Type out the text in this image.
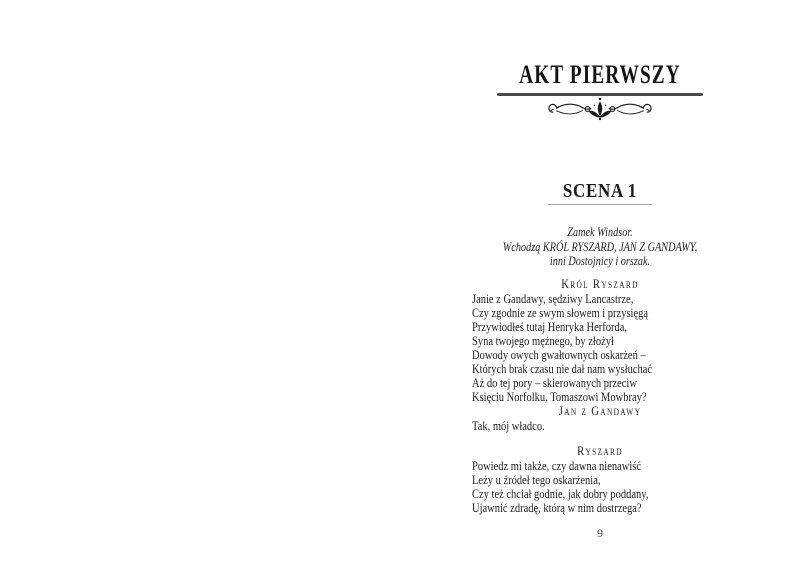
AKT PIERWSZY
SCENA 1
Zamek Windsor.
Wchodzą KRÓL RYSZARD, JAN Z GANDAWY,
inni Dostojnicy i orszak.
Król Ryszard
Janie z Gandawy, sędziwy Lancastrze,
Czy zgodnie ze swym słowem i przysięgą
Przywiodłeś tutaj Henryka Herforda,
Syna twojego mężnego, by złożył
Dowody owych gwałtownych oskarżeń –
Których brak czasu nie dał nam wysłuchać
Aż do tej pory – skierowanych przeciw
Księciu Norfolku, Tomaszowi Mowbray?
Jan z Gandawy
Tak, mój władco.
Ryszard
Powiedz mi także, czy dawna nienawiść
Leży u źródeł tego oskarżenia,
Czy też chciał godnie, jak dobry poddany,
Ujawnić zdradę, którą w nim dostrzega?
9
